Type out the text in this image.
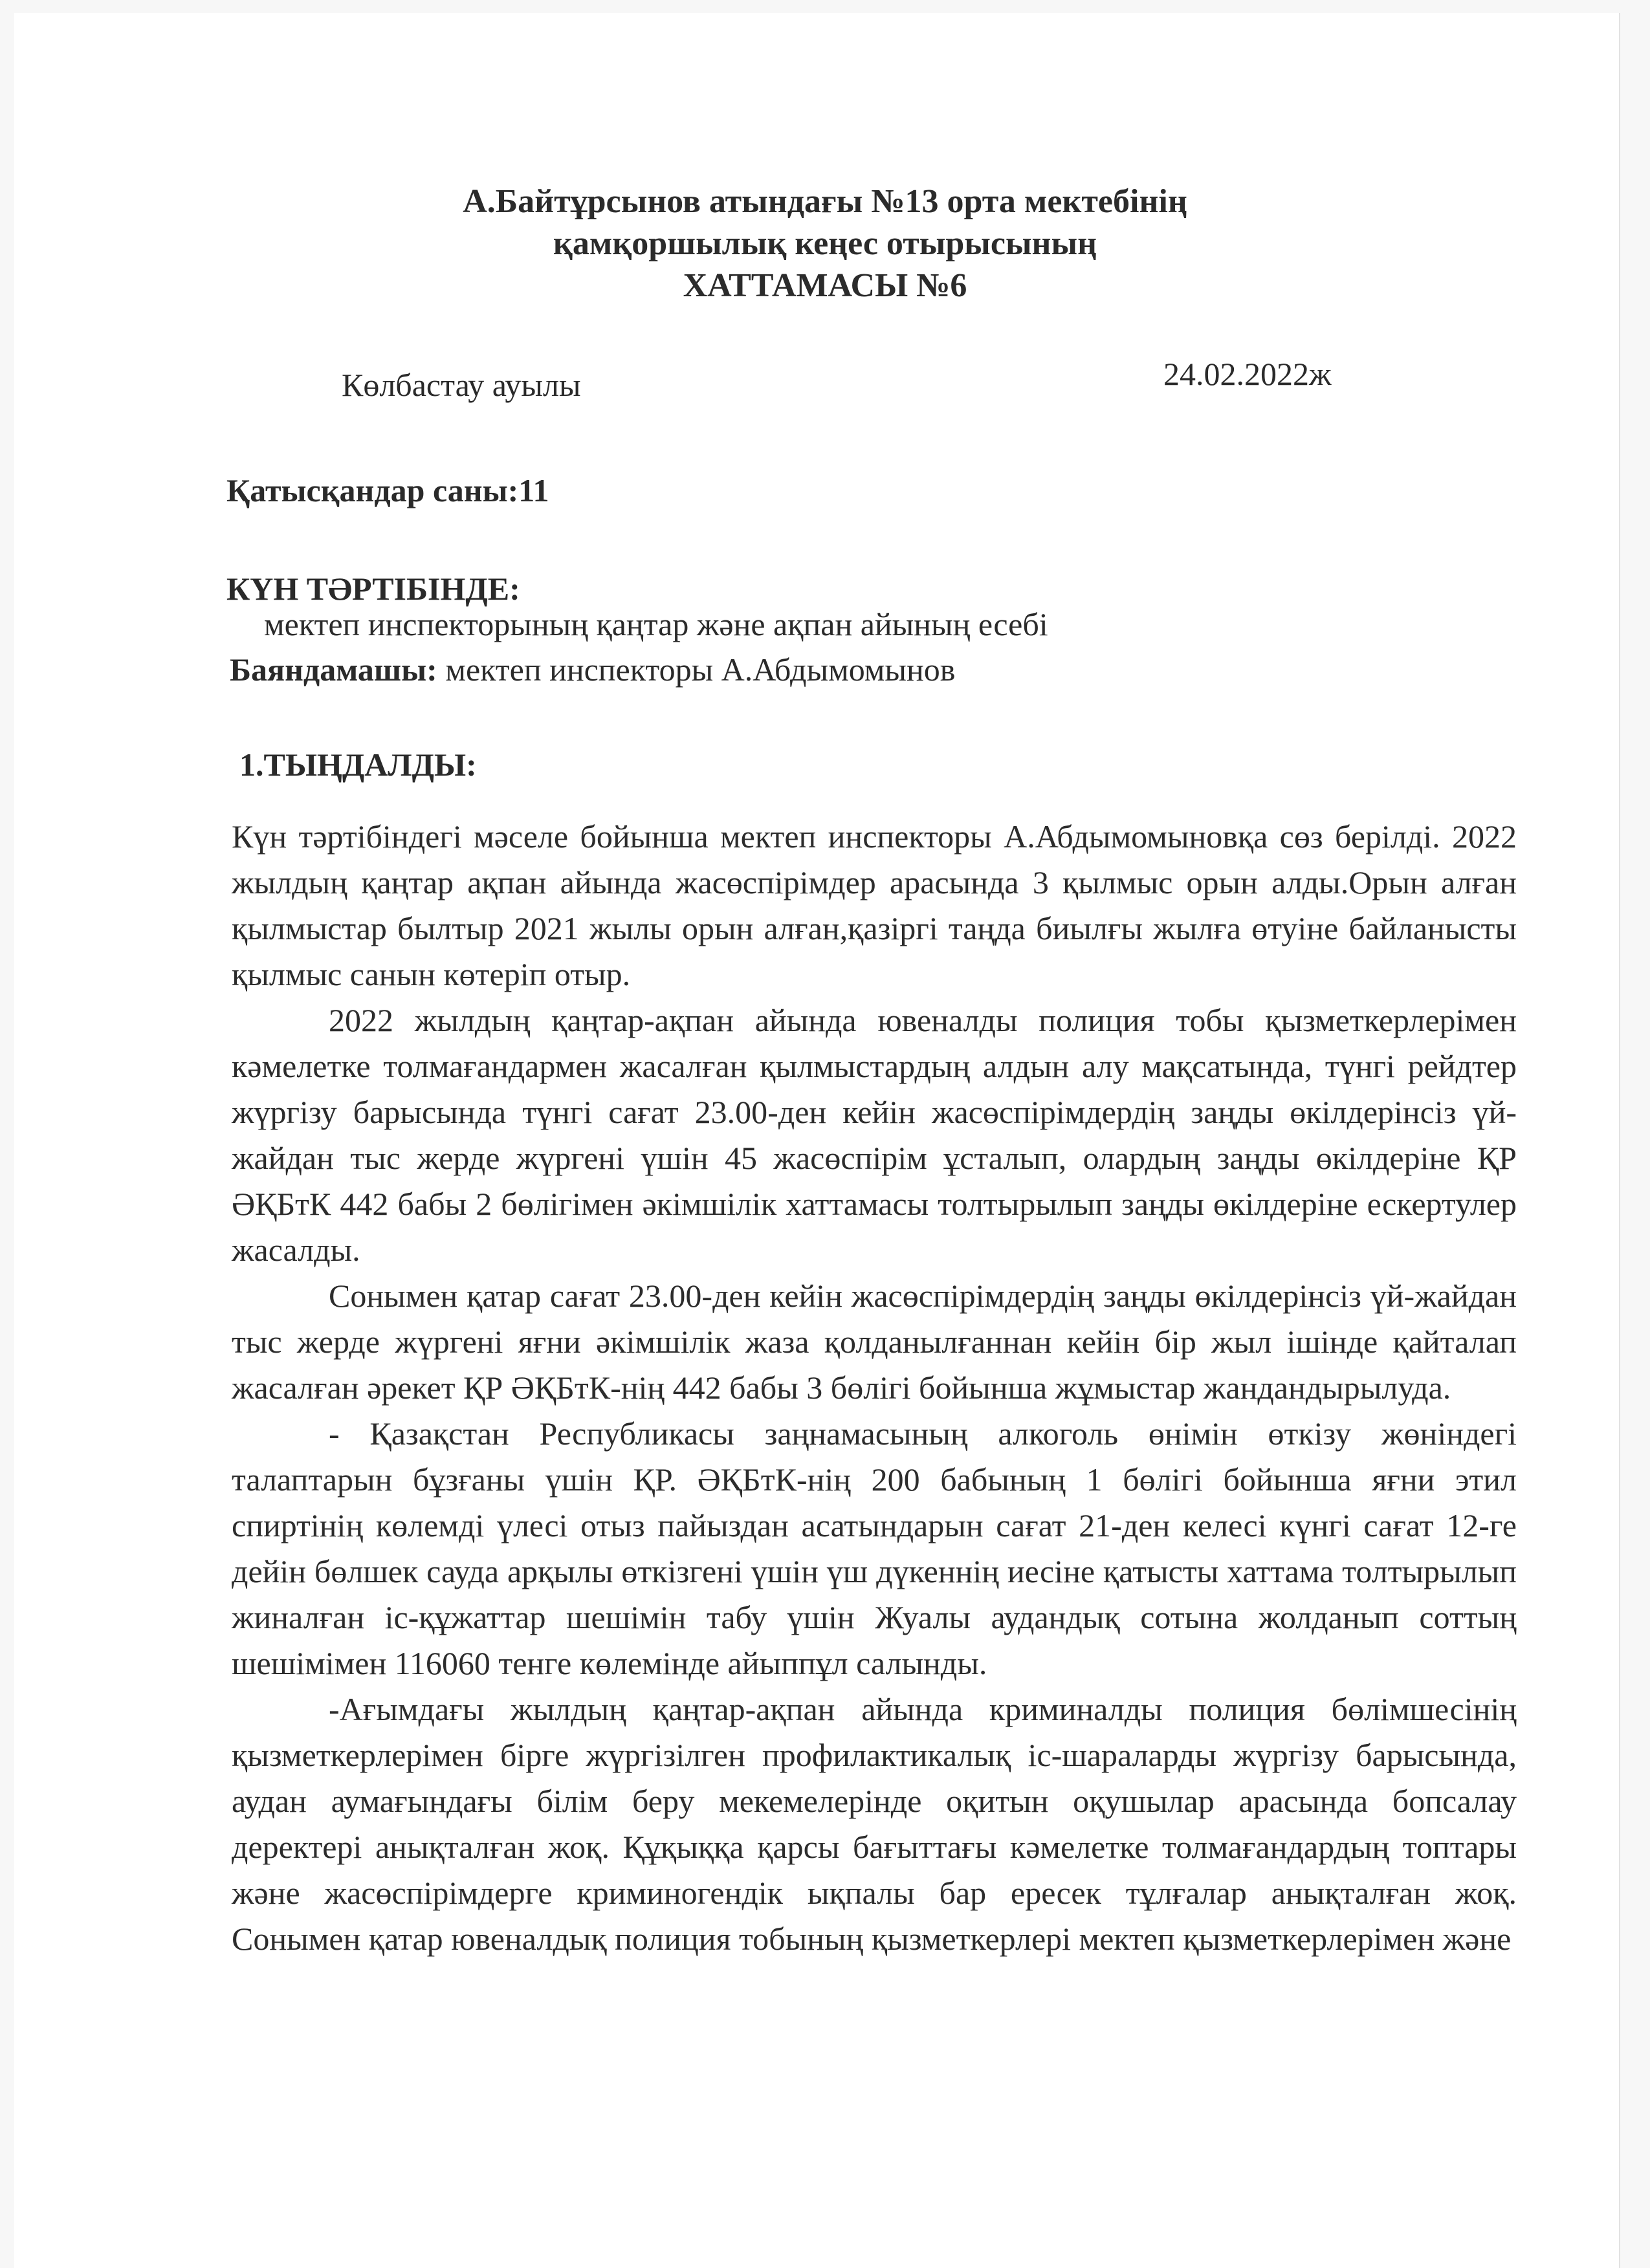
А.Байтұрсынов атындағы №13 орта мектебінің
қамқоршылық кеңес отырысының
ХАТТАМАСЫ №6
Көлбастау ауылы	24.02.2022ж
Қатысқандар саны:11
КҮН ТӘРТІБІНДЕ:
мектеп инспекторының қаңтар және ақпан айының есебі
Баяндамашы: мектеп инспекторы А.Абдымомынов
1.ТЫҢДАЛДЫ:

Күн тәртібіндегі мәселе бойынша мектеп инспекторы А.Абдымомыновқа сөз берілді. 2022 жылдың қаңтар ақпан айында жасөспірімдер арасында 3 қылмыс орын алды.Орын алған қылмыстар былтыр 2021 жылы орын алған,қазіргі таңда биылғы жылға өтуіне байланысты қылмыс санын көтеріп отыр.

2022 жылдың қаңтар-ақпан айында ювеналды полиция тобы қызметкерлерімен кәмелетке толмағандармен жасалған қылмыстардың алдын алу мақсатында, түнгі рейдтер жүргізу барысында түнгі сағат 23.00-ден кейін жасөспірімдердің заңды өкілдерінсіз үй-жайдан тыс жерде жүргені үшін 45 жасөспірім ұсталып, олардың заңды өкілдеріне ҚР ӘҚБтК 442 бабы 2 бөлігімен әкімшілік хаттамасы толтырылып заңды өкілдеріне ескертулер жасалды.

Сонымен қатар сағат 23.00-ден кейін жасөспірімдердің заңды өкілдерінсіз үй-жайдан тыс жерде жүргені яғни әкімшілік жаза қолданылғаннан кейін бір жыл ішінде қайталап жасалған әрекет ҚР ӘҚБтК-нің 442 бабы 3 бөлігі бойынша жұмыстар жандандырылуда.

- Қазақстан Республикасы заңнамасының алкоголь өнімін өткізу жөніндегі талаптарын бұзғаны үшін ҚР. ӘҚБтК-нің 200 бабының 1 бөлігі бойынша яғни этил спиртінің көлемді үлесі отыз пайыздан асатындарын сағат 21-ден келесі күнгі сағат 12-ге дейін бөлшек сауда арқылы өткізгені үшін үш дүкеннің иесіне қатысты хаттама толтырылып жиналған іс-құжаттар шешімін табу үшін Жуалы аудандық сотына жолданып соттың шешімімен 116060 тенге көлемінде айыппұл салынды.

-Ағымдағы жылдың қаңтар-ақпан айында криминалды полиция бөлімшесінің қызметкерлерімен бірге жүргізілген профилактикалық іс-шараларды жүргізу барысында, аудан аумағындағы білім беру мекемелерінде оқитын оқушылар арасында бопсалау деректері анықталған жоқ. Құқыққа қарсы бағыттағы кәмелетке толмағандардың топтары және жасөспірімдерге криминогендік ықпалы бар ересек тұлғалар анықталған жоқ. Сонымен қатар ювеналдық полиция тобының қызметкерлері мектеп қызметкерлерімен және
